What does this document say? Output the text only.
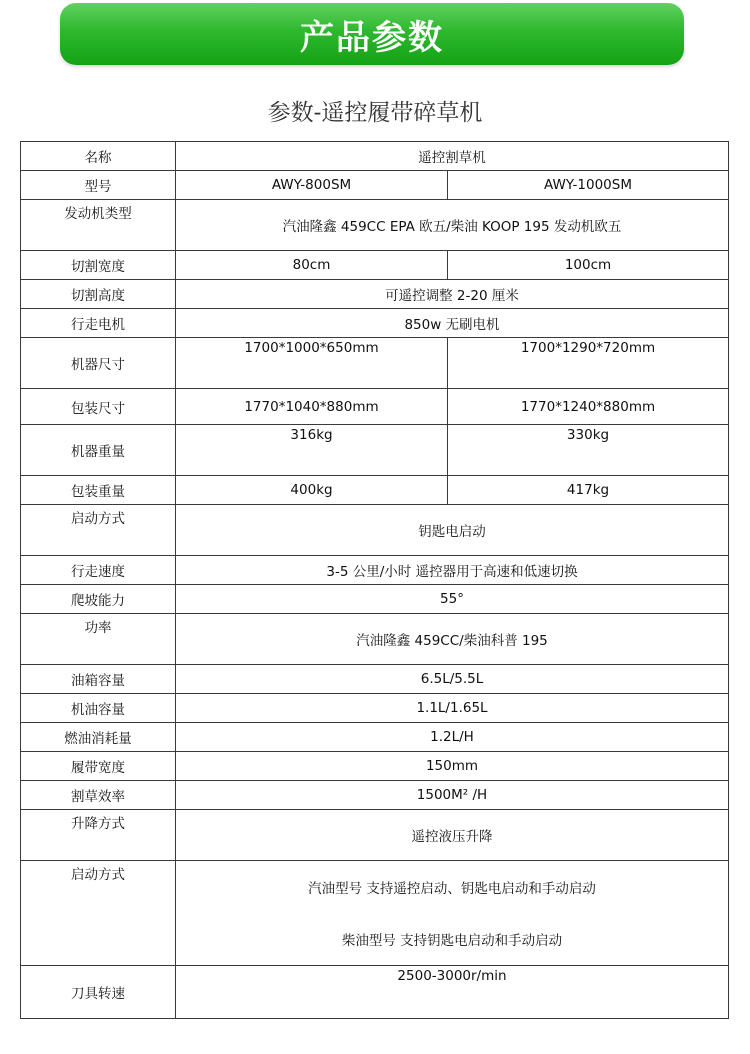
产品参数
参数-遥控履带碎草机
名称	遥控割草机	
型号	AWY-800SM	AWY-1000SM
发动机类型	汽油隆鑫 459CC EPA 欧五/柴油 KOOP 195 发动机欧五	
切割宽度	80cm	100cm
切割高度	可遥控调整 2-20 厘米	
行走电机	850w 无刷电机	
机器尺寸	1700*1000*650mm	1700*1290*720mm
包装尺寸	1770*1040*880mm	1770*1240*880mm
机器重量	316kg	330kg
包装重量	400kg	417kg
启动方式	钥匙电启动	
行走速度	3-5 公里/小时 遥控器用于高速和低速切换	
爬坡能力	55°	
功率	汽油隆鑫 459CC/柴油科普 195	
油箱容量	6.5L/5.5L	
机油容量	1.1L/1.65L	
燃油消耗量	1.2L/H	
履带宽度	150mm	
割草效率	1500M² /H	
升降方式	遥控液压升降	
启动方式	汽油型号 支持遥控启动、钥匙电启动和手动启动
柴油型号 支持钥匙电启动和手动启动	

刀具转速	2500-3000r/min	
